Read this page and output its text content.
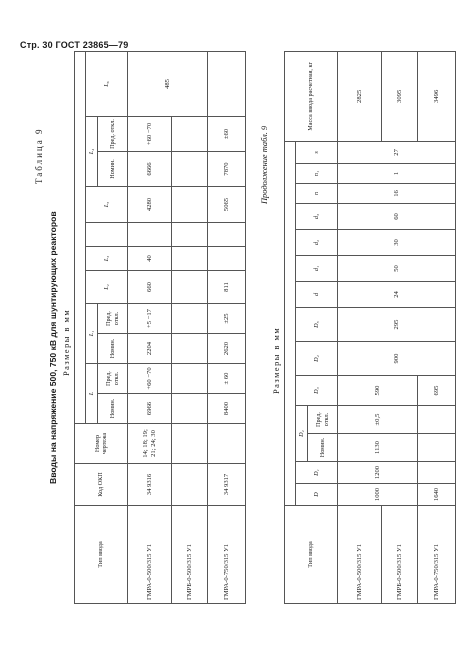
Стр. 30 ГОСТ 23865—79
Таблица 9
Вводы на напряжение 500, 750 кВ для шунтирующих реакторов Размеры в мм
Тип ввода	Код ОКП	Номер чертежа											
			L		L₁		L₂	L₃		L₅	L₄		L₆
			Номин.	Пред. откл.	Номин.	Пред. откл.					Номин.	Пред. откл.	
ГМРА-0-500/315 У1	34 9316	14; 18; 19; 21; 24; 30	6966	+60 −70	2204	+5 −17	660	40		4280	6666	+60 −70	485
ГМРБ-0-500/315 У1													
ГМРА-0-750/315 У1	34 9317		8400	± 60	2620	±25	811			5065	7870	±60		Продолжение табл. 9
Размеры в мм
Тип ввода															Масса ввода расчетная, кг
	D	D₁	D₂		D₃	D₄	D₅	d	d₁	d₂	d₃	n	n₁	s	
			Номин.	Пред. откл.											
ГМРА-0-500/315 У1	1000	1200	1130	±0,5	590	900	295	24	50	30	60	16	1	27	2825
ГМРБ-0-500/315 У1															3095
ГМРА-0-750/315 У1	1640				695										3496
